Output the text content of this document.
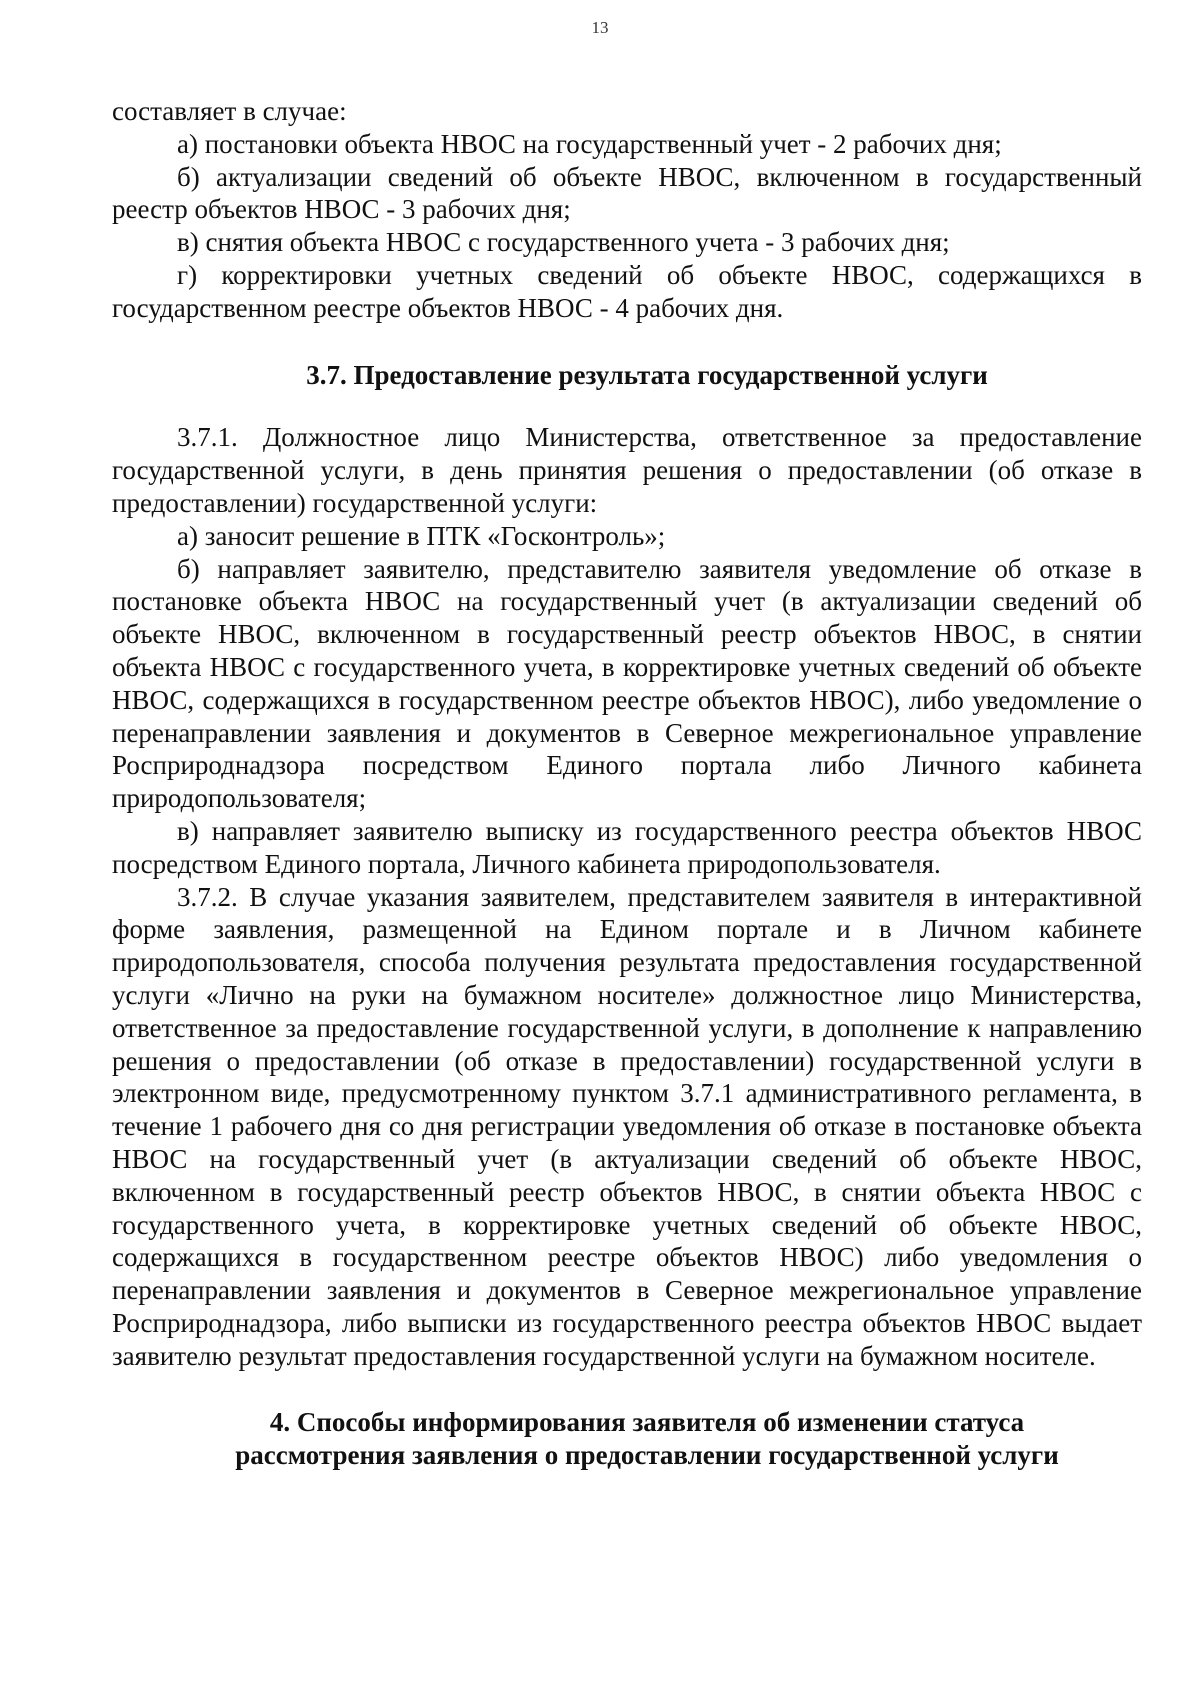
13

составляет в случае:

а) постановки объекта НВОС на государственный учет - 2 рабочих дня;

б) актуализации сведений об объекте НВОС, включенном в государственный реестр объектов НВОС - 3 рабочих дня;

в) снятия объекта НВОС с государственного учета - 3 рабочих дня;

г) корректировки учетных сведений об объекте НВОС, содержащихся в государственном реестре объектов НВОС - 4 рабочих дня.

3.7. Предоставление результата государственной услуги

3.7.1. Должностное лицо Министерства, ответственное за предоставление государственной услуги, в день принятия решения о предоставлении (об отказе в предоставлении) государственной услуги:

а) заносит решение в ПТК «Госконтроль»;

б) направляет заявителю, представителю заявителя уведомление об отказе в постановке объекта НВОС на государственный учет (в актуализации сведений об объекте НВОС, включенном в государственный реестр объектов НВОС, в снятии объекта НВОС с государственного учета, в корректировке учетных сведений об объекте НВОС, содержащихся в государственном реестре объектов НВОС), либо уведомление о перенаправлении заявления и документов в Северное межрегиональное управление Росприроднадзора посредством Единого портала либо Личного кабинета природопользователя;

в) направляет заявителю выписку из государственного реестра объектов НВОС посредством Единого портала, Личного кабинета природопользователя.

3.7.2. В случае указания заявителем, представителем заявителя в интерактивной форме заявления, размещенной на Едином портале и в Личном кабинете природопользователя, способа получения результата предоставления государственной услуги «Лично на руки на бумажном носителе» должностное лицо Министерства, ответственное за предоставление государственной услуги, в дополнение к направлению решения о предоставлении (об отказе в предоставлении) государственной услуги в электронном виде, предусмотренному пунктом 3.7.1 административного регламента, в течение 1 рабочего дня со дня регистрации уведомления об отказе в постановке объекта НВОС на государственный учет (в актуализации сведений об объекте НВОС, включенном в государственный реестр объектов НВОС, в снятии объекта НВОС с государственного учета, в корректировке учетных сведений об объекте НВОС, содержащихся в государственном реестре объектов НВОС) либо уведомления о перенаправлении заявления и документов в Северное межрегиональное управление Росприроднадзора, либо выписки из государственного реестра объектов НВОС выдает заявителю результат предоставления государственной услуги на бумажном носителе.

4. Способы информирования заявителя об изменении статуса
рассмотрения заявления о предоставлении государственной услуги
